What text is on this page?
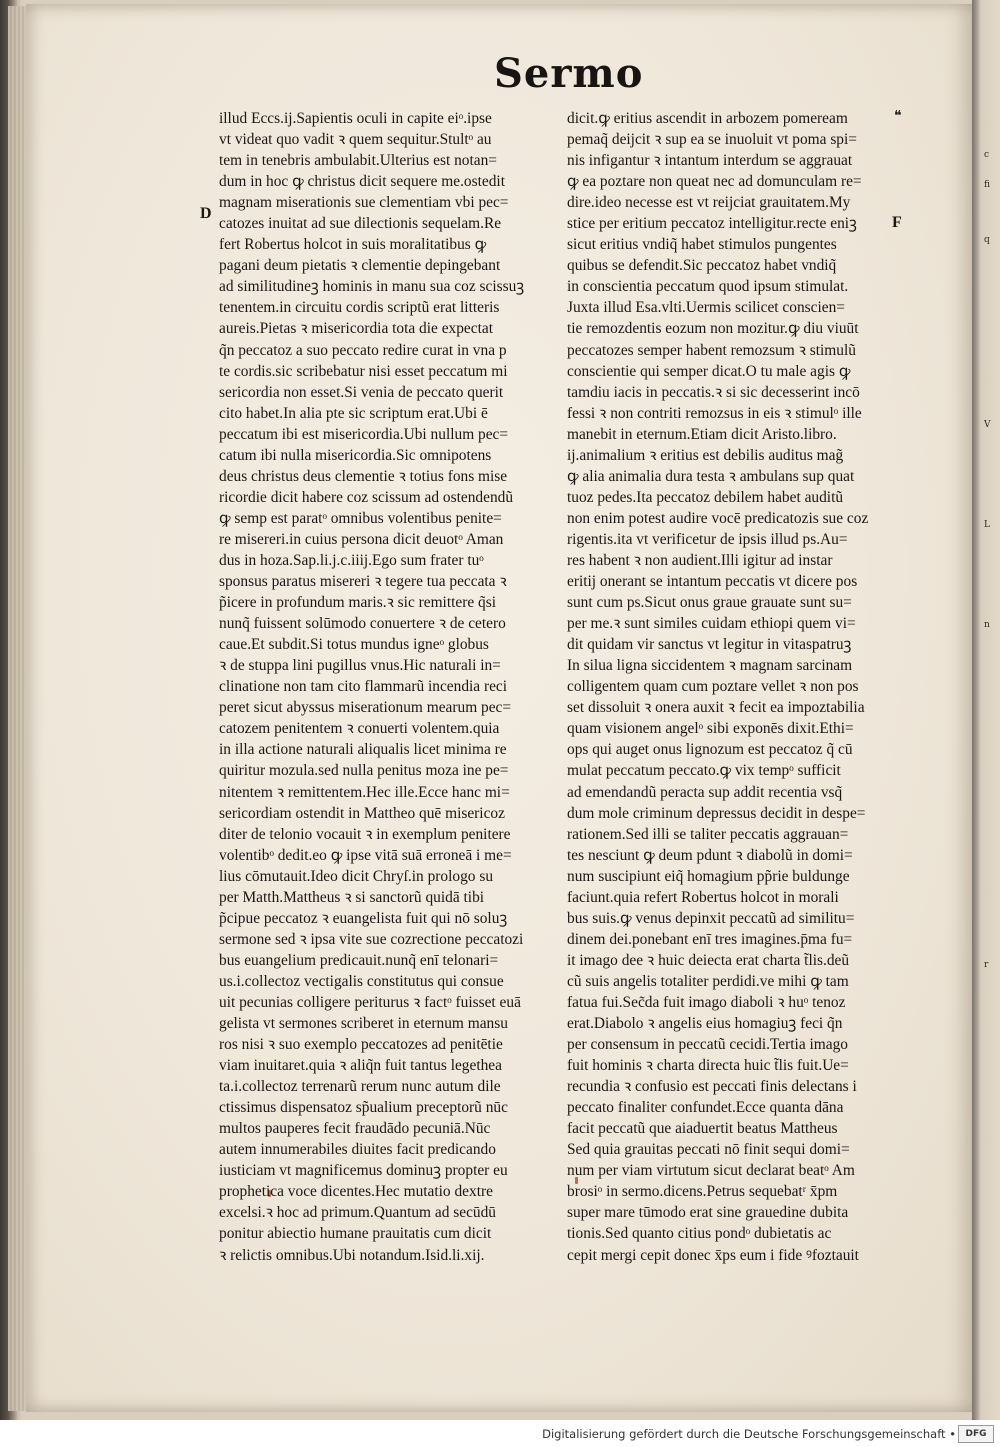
c
fi
q
L
V
n
r
Sermo
D
F
❝
illud Eccs.ij.Sapientis oculi in capite eiᵒ.ipse
vt videat quo vadit ꝛ quem sequitur.Stultᵒ au
tem in tenebris ambulabit.Ulterius est notan=
dum in hoc ꝙ christus dicit sequere me.ostedit
magnam miserationis sue clementiam vbi pec=
catozes inuitat ad sue dilectionis sequelam.Re
fert Robertus holcot in suis moralitatibus ꝙ
pagani deum pietatis ꝛ clementie depingebant
ad similitudineꝫ hominis in manu sua coz scissuꝫ
tenentem.in circuitu cordis scriptũ erat litteris
aureis.Pietas ꝛ misericordia tota die expectat
q̃n peccatoz a suo peccato redire curat in vna p
te cordis.sic scribebatur nisi esset peccatum mi
sericordia non esset.Si venia de peccato querit
cito habet.In alia pte sic scriptum erat.Ubi ē
peccatum ibi est misericordia.Ubi nullum pec=
catum ibi nulla misericordia.Sic omnipotens
deus christus deus clementie ꝛ totius fons mise
ricordie dicit habere coz scissum ad ostendendũ
ꝙ semp est paratᵒ omnibus volentibus penite=
re misereri.in cuius persona dicit deuotᵒ Aman
dus in hoza.Sap.li.j.c.iiij.Ego sum frater tuᵒ
sponsus paratus misereri ꝛ tegere tua peccata ꝛ
p̃icere in profundum maris.ꝛ sic remittere q̃si
nunq̃ fuissent solūmodo conuertere ꝛ de cetero
caue.Et subdit.Si totus mundus igneᵒ globus
ꝛ de stuppa lini pugillus vnus.Hic naturali in=
clinatione non tam cito flammarũ incendia reci
peret sicut abyssus miserationum mearum pec=
catozem penitentem ꝛ conuerti volentem.quia
in illa actione naturali aliqualis licet minima re
quiritur mozula.sed nulla penitus moza ine pe=
nitentem ꝛ remittentem.Hec ille.Ecce hanc mi=
sericordiam ostendit in Mattheo quē misericoz
diter de telonio vocauit ꝛ in exemplum penitere
volentibᵒ dedit.eo ꝙ ipse vitā suā erroneā i me=
lius cōmutauit.Ideo dicit Chryſ.in prologo su
per Matth.Mattheus ꝛ si sanctorũ quidā tibi
p̃cipue peccatoz ꝛ euangelista fuit qui nō soluꝫ
sermone sed ꝛ ipsa vite sue cozrectione peccatozi
bus euangelium predicauit.nunq̃ enī telonari=
us.i.collectoz vectigalis constitutus qui consue
uit pecunias colligere periturus ꝛ factᵒ fuisset euā
gelista vt sermones scriberet in eternum mansu
ros nisi ꝛ suo exemplo peccatozes ad penitētie
viam inuitaret.quia ꝛ aliq̃n fuit tantus legethea
ta.i.collectoz terrenarũ rerum nunc autum dile
ctissimus dispensatoz sp̃ualium preceptorũ nūc
multos pauperes fecit fraudādo pecuniā.Nūc
autem innumerabiles diuites facit predicando
iusticiam vt magnificemus dominuꝫ propter eu
prophetica voce dicentes.Hec mutatio dextre
excelsi.ꝛ hoc ad primum.Quantum ad secūdū
ponitur abiectio humane prauitatis cum dicit
ꝛ relictis omnibus.Ubi notandum.Isid.li.xij.
dicit.ꝙ eritius ascendit in arbozem pomeream
pemaq̃ deijcit ꝛ sup ea se inuoluit vt poma spi=
nis infigantur ꝛ intantum interdum se aggrauat
ꝙ ea poztare non queat nec ad domunculam re=
dire.ideo necesse est vt reijciat grauitatem.My
stice per eritium peccatoz intelligitur.recte eniꝫ
sicut eritius vndiq̃ habet stimulos pungentes
quibus se defendit.Sic peccatoz habet vndiq̃
in conscientia peccatum quod ipsum stimulat.
Juxta illud Esa.vlti.Uermis scilicet conscien=
tie remozdentis eozum non mozitur.ꝙ diu viuūt
peccatozes semper habent remozsum ꝛ stimulũ
conscientie qui semper dicat.O tu male agis ꝙ
tamdiu iacis in peccatis.ꝛ si sic decesserint incō
fessi ꝛ non contriti remozsus in eis ꝛ stimulᵒ ille
manebit in eternum.Etiam dicit Aristo.libro.
ij.animalium ꝛ eritius est debilis auditus mag̃
ꝙ alia animalia dura testa ꝛ ambulans sup quat
tuoz pedes.Ita peccatoz debilem habet auditũ
non enim potest audire vocē predicatozis sue coz
rigentis.ita vt verificetur de ipsis illud ps.Au=
res habent ꝛ non audient.Illi igitur ad instar
eritij onerant se intantum peccatis vt dicere pos
sunt cum ps.Sicut onus graue grauate sunt su=
per me.ꝛ sunt similes cuidam ethiopi quem vi=
dit quidam vir sanctus vt legitur in vitaspatruꝫ
In silua ligna siccidentem ꝛ magnam sarcinam
colligentem quam cum poztare vellet ꝛ non pos
set dissoluit ꝛ onera auxit ꝛ fecit ea impoztabilia
quam visionem angelᵒ sibi exponēs dixit.Ethi=
ops qui auget onus lignozum est peccatoz q̃ cū
mulat peccatum peccato.ꝙ vix tempᵒ sufficit
ad emendandũ peracta sup addit recentia vsq̃
dum mole criminum depressus decidit in despe=
rationem.Sed illi se taliter peccatis aggrauan=
tes nesciunt ꝙ deum pdunt ꝛ diabolũ in domi=
num suscipiunt eiq̃ homagium pp̃rie buldunge
faciunt.quia refert Robertus holcot in morali
bus suis.ꝙ venus depinxit peccatũ ad similitu=
dinem dei.ponebant enī tres imagines.p̄ma fu=
it imago dee ꝛ huic deiecta erat charta t̃lis.deũ
cũ suis angelis totaliter perdidi.ve mihi ꝙ tam
fatua fui.Sec̃da fuit imago diaboli ꝛ huᵒ tenoz
erat.Diabolo ꝛ angelis eius homagiuꝫ feci q̃n
per consensum in peccatũ cecidi.Tertia imago
fuit hominis ꝛ charta directa huic t̃lis fuit.Ue=
recundia ꝛ confusio est peccati finis delectans i
peccato finaliter confundet.Ecce quanta dāna
facit peccatũ que aiaduertit beatus Mattheus
Sed quia grauitas peccati nō finit sequi domi=
num per viam virtutum sicut declarat beatᵒ Am
brosiᵒ in sermo.dicens.Petrus sequebatʳ x̄pm
super mare tūmodo erat sine grauedine dubita
tionis.Sed quanto citius pondᵒ dubietatis ac
cepit mergi cepit donec x̄ps eum i fide ꝰfoztauit
Digitalisierung gefördert durch die Deutsche Forschungsgemeinschaft •	DFG
